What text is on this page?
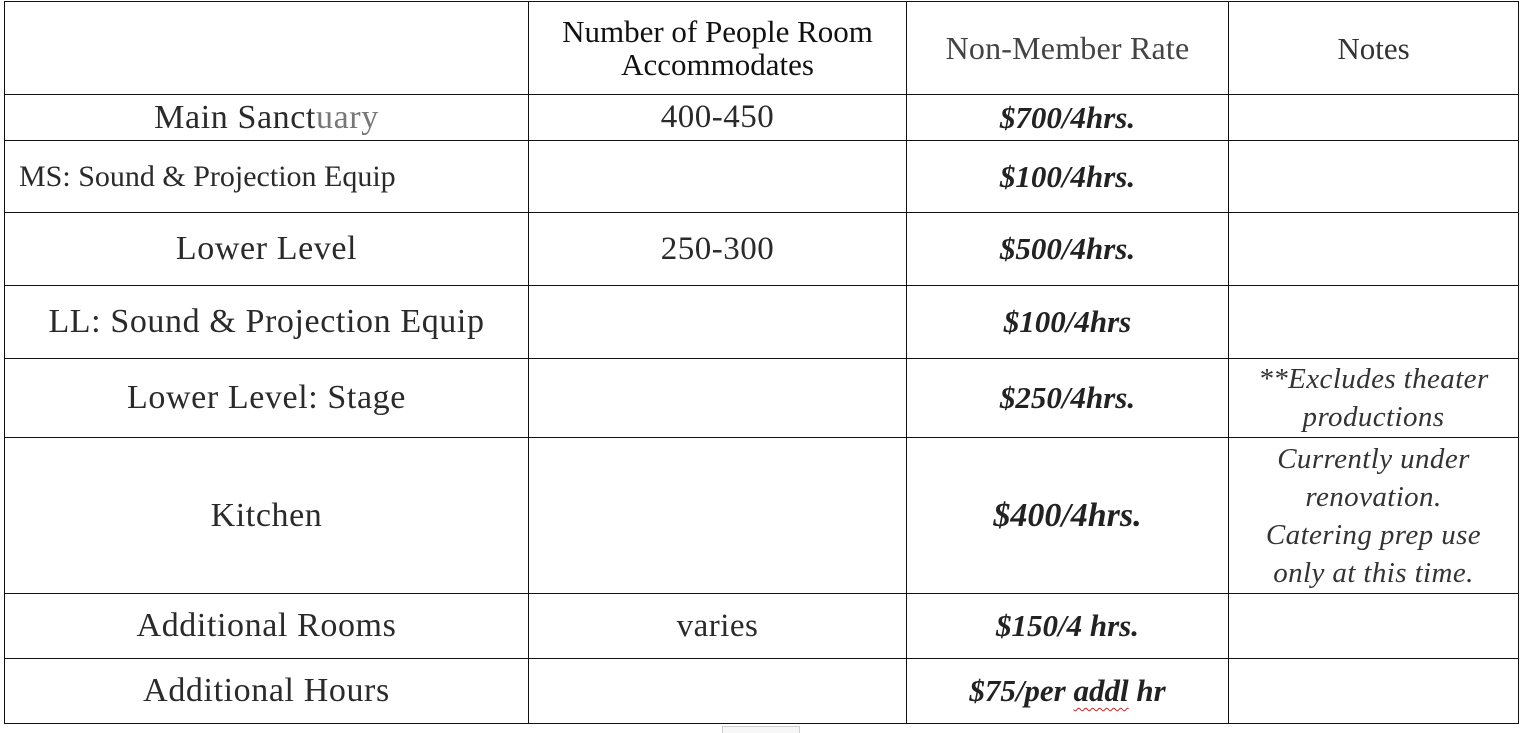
	Number of People Room Accommodates	Non-Member Rate	Notes
Main Sanctuary	400-450	$700/4hrs.	
MS: Sound & Projection Equip		$100/4hrs.	
Lower Level	250-300	$500/4hrs.	
LL: Sound & Projection Equip		$100/4hrs	
Lower Level: Stage		$250/4hrs.	**Excludes theater
productions

Kitchen		$400/4hrs.	Currently under
renovation.
Catering prep use
only at this time.

Additional Rooms	varies	$150/4 hrs.	
Additional Hours		$75/per addl hr	
